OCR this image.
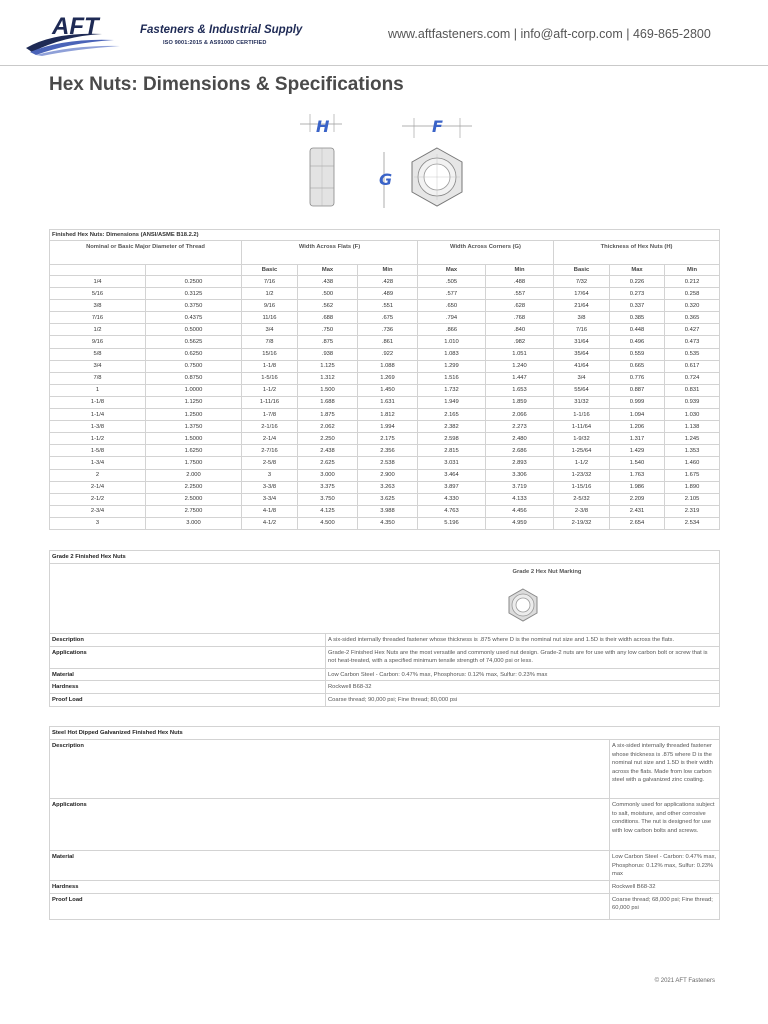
AFT	Fasteners & Industrial Supply
ISO 9001:2015 & AS9100D CERTIFIED
www.aftfasteners.com | info@aft-corp.com | 469-865-2800
Hex Nuts: Dimensions & Specifications
H	F
G
Finished Hex Nuts: Dimensions (ANSI/ASME B18.2.2)									
Nominal or Basic Major Diameter of Thread		Width Across Flats (F)			Width Across Corners (G)		Thickness of Hex Nuts (H)		
		Basic	Max	Min	Max	Min	Basic	Max	Min
1/4	0.2500	7/16	.438	.428	.505	.488	7/32	0.226	0.212
5/16	0.3125	1/2	.500	.489	.577	.557	17/64	0.273	0.258
3/8	0.3750	9/16	.562	.551	.650	.628	21/64	0.337	0.320
7/16	0.4375	11/16	.688	.675	.794	.768	3/8	0.385	0.365
1/2	0.5000	3/4	.750	.736	.866	.840	7/16	0.448	0.427
9/16	0.5625	7/8	.875	.861	1.010	.982	31/64	0.496	0.473
5/8	0.6250	15/16	.938	.922	1.083	1.051	35/64	0.559	0.535
3/4	0.7500	1-1/8	1.125	1.088	1.299	1.240	41/64	0.665	0.617
7/8	0.8750	1-5/16	1.312	1.269	1.516	1.447	3/4	0.776	0.724
1	1.0000	1-1/2	1.500	1.450	1.732	1.653	55/64	0.887	0.831
1-1/8	1.1250	1-11/16	1.688	1.631	1.949	1.859	31/32	0.999	0.939
1-1/4	1.2500	1-7/8	1.875	1.812	2.165	2.066	1-1/16	1.094	1.030
1-3/8	1.3750	2-1/16	2.062	1.994	2.382	2.273	1-11/64	1.206	1.138
1-1/2	1.5000	2-1/4	2.250	2.175	2.598	2.480	1-9/32	1.317	1.245
1-5/8	1.6250	2-7/16	2.438	2.356	2.815	2.686	1-25/64	1.429	1.353
1-3/4	1.7500	2-5/8	2.625	2.538	3.031	2.893	1-1/2	1.540	1.460
2	2.000	3	3.000	2.900	3.464	3.306	1-23/32	1.763	1.675
2-1/4	2.2500	3-3/8	3.375	3.263	3.897	3.719	1-15/16	1.986	1.890
2-1/2	2.5000	3-3/4	3.750	3.625	4.330	4.133	2-5/32	2.209	2.105
2-3/4	2.7500	4-1/8	4.125	3.988	4.763	4.456	2-3/8	2.431	2.319
3	3.000	4-1/2	4.500	4.350	5.196	4.959	2-19/32	2.654	2.534
Grade 2 Finished Hex Nuts	

Grade 2 Hex Nut Marking	

Description	A six-sided internally threaded fastener whose thickness is .875 where D is the nominal nut size and 1.5D is their width across the flats.
Applications	Grade-2 Finished Hex Nuts are the most versatile and commonly used nut design. Grade-2 nuts are for use with any low carbon bolt or screw that is not heat-treated, with a specified minimum tensile strength of 74,000 psi or less.
Material	Low Carbon Steel - Carbon: 0.47% max, Phosphorus: 0.12% max, Sulfur: 0.23% max
Hardness	Rockwell B68-32
Proof Load	Coarse thread; 90,000 psi; Fine thread; 80,000 psi
Steel Hot Dipped Galvanized Finished Hex Nuts	
Description	A six-sided internally threaded fastener whose thickness is .875 where D is the nominal nut size and 1.5D is their width across the flats. Made from low carbon steel with a galvanized zinc coating.
Applications	Commonly used for applications subject to salt, moisture, and other corrosive conditions. The nut is designed for use with low carbon bolts and screws.
Material	Low Carbon Steel - Carbon: 0.47% max, Phosphorus: 0.12% max, Sulfur: 0.23% max
Hardness	Rockwell B68-32
Proof Load	Coarse thread; 68,000 psi; Fine thread; 60,000 psi
© 2021 AFT Fasteners
